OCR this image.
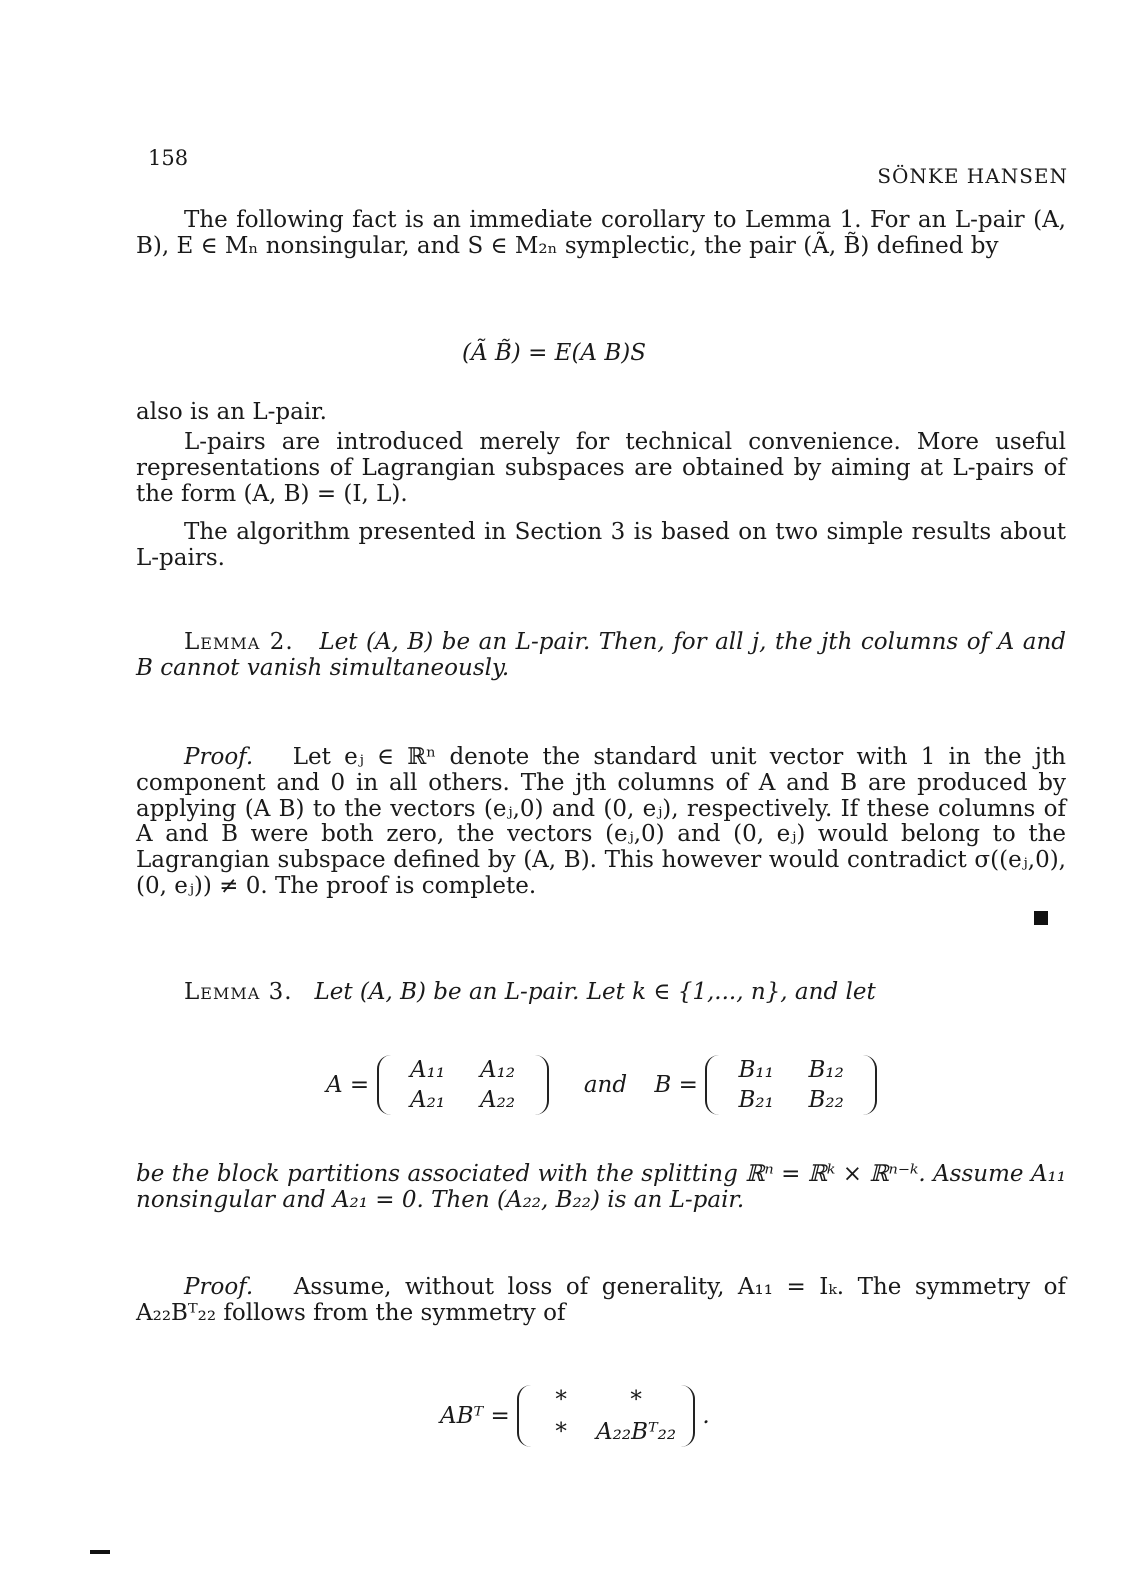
158
SÖNKE HANSEN
The following fact is an immediate corollary to Lemma 1. For an L-pair (A, B), E ∈ Mₙ nonsingular, and S ∈ M₂ₙ symplectic, the pair (Ã, B̃) defined by
(Ã B̃) = E(A B)S
also is an L-pair.
L-pairs are introduced merely for technical convenience. More useful representations of Lagrangian subspaces are obtained by aiming at L-pairs of the form (A, B) = (I, L).
The algorithm presented in Section 3 is based on two simple results about L-pairs.
Lemma 2. Let (A, B) be an L-pair. Then, for all j, the jth columns of A and B cannot vanish simultaneously.
Proof. Let eⱼ ∈ ℝⁿ denote the standard unit vector with 1 in the jth component and 0 in all others. The jth columns of A and B are produced by applying (A B) to the vectors (eⱼ,0) and (0, eⱼ), respectively. If these columns of A and B were both zero, the vectors (eⱼ,0) and (0, eⱼ) would belong to the Lagrangian subspace defined by (A, B). This however would contradict σ((eⱼ,0),(0, eⱼ)) ≠ 0. The proof is complete.
Lemma 3. Let (A, B) be an L-pair. Let k ∈ {1,..., n}, and let
A =
A₁₁	A₁₂
A₂₁	A₂₂
and B =
B₁₁	B₁₂
B₂₁	B₂₂
be the block partitions associated with the splitting ℝⁿ = ℝᵏ × ℝⁿ⁻ᵏ. Assume A₁₁ nonsingular and A₂₁ = 0. Then (A₂₂, B₂₂) is an L-pair.
Proof. Assume, without loss of generality, A₁₁ = Iₖ. The symmetry of A₂₂Bᵀ₂₂ follows from the symmetry of
ABᵀ =
*	*
*	A₂₂Bᵀ₂₂
.
